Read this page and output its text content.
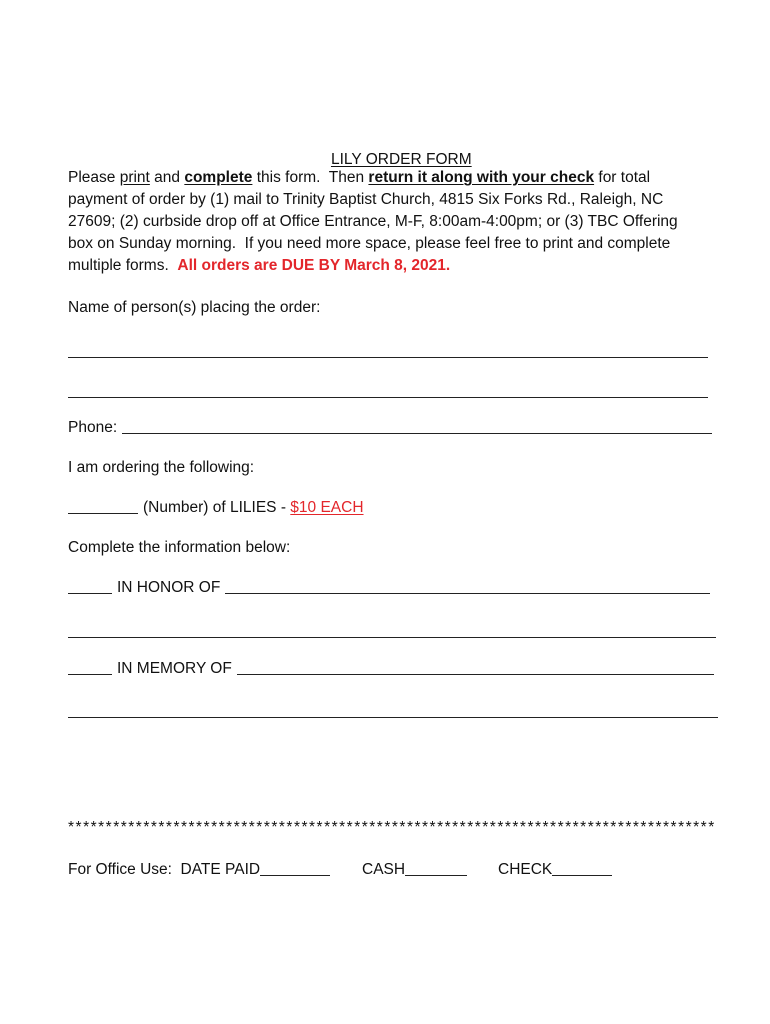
LILY ORDER FORM

Please print and complete this form.  Then return it along with your check for total
payment of order by (1) mail to Trinity Baptist Church, 4815 Six Forks Rd., Raleigh, NC
27609; (2) curbside drop off at Office Entrance, M-F, 8:00am-4:00pm; or (3) TBC Offering
box on Sunday morning.  If you need more space, please feel free to print and complete
multiple forms.  All orders are DUE BY March 8, 2021.
Name of person(s) placing the order:
Phone:
I am ordering the following:
(Number) of LILIES - $10 EACH
Complete the information below:
IN HONOR OF
IN MEMORY OF
**************************************************************************************
For Office Use:  DATE PAID	CASH	CHECK
